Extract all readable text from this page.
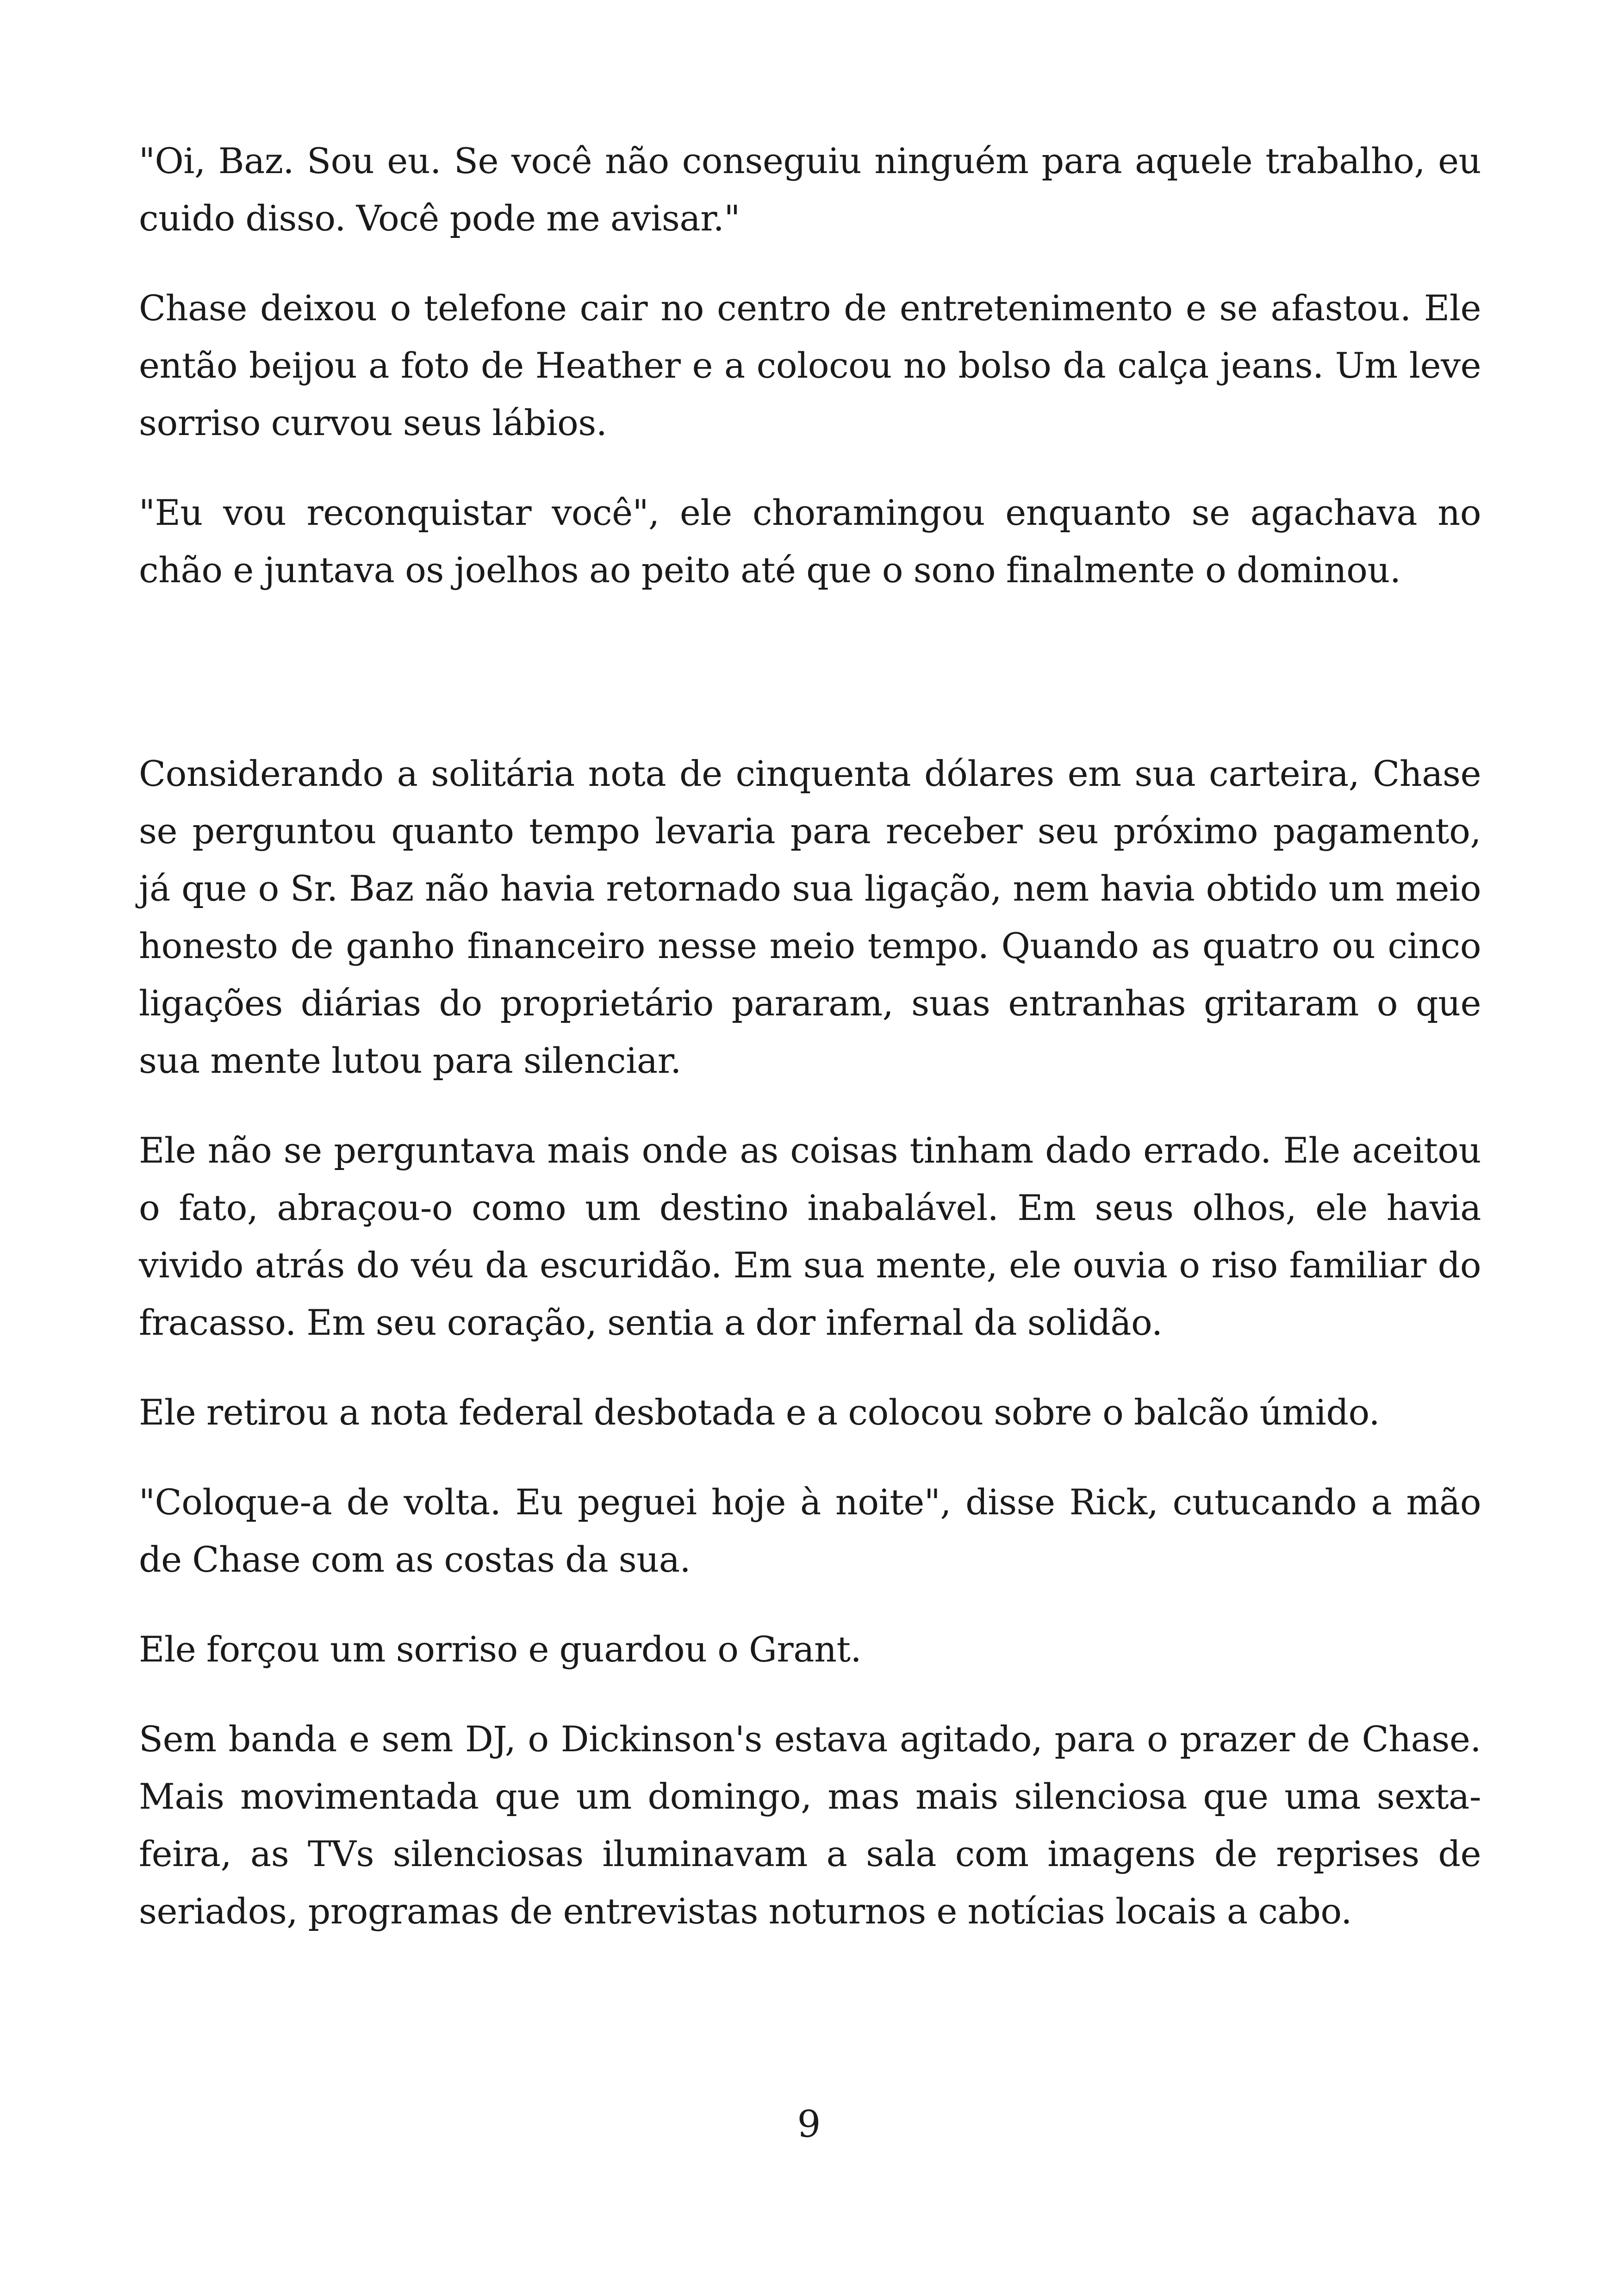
"Oi, Baz. Sou eu. Se você não conseguiu ninguém para aquele trabalho, eu cuido disso. Você pode me avisar."

Chase deixou o telefone cair no centro de entretenimento e se afastou. Ele então beijou a foto de Heather e a colocou no bolso da calça jeans. Um leve sorriso curvou seus lábios.

"Eu vou reconquistar você", ele choramingou enquanto se agachava no chão e juntava os joelhos ao peito até que o sono finalmente o dominou.

Considerando a solitária nota de cinquenta dólares em sua carteira, Chase se perguntou quanto tempo levaria para receber seu próximo pagamento, já que o Sr. Baz não havia retornado sua ligação, nem havia obtido um meio honesto de ganho financeiro nesse meio tempo. Quando as quatro ou cinco ligações diárias do proprietário pararam, suas entranhas gritaram o que sua mente lutou para silenciar.

Ele não se perguntava mais onde as coisas tinham dado errado. Ele aceitou o fato, abraçou-o como um destino inabalável. Em seus olhos, ele havia vivido atrás do véu da escuridão. Em sua mente, ele ouvia o riso familiar do fracasso. Em seu coração, sentia a dor infernal da solidão.

Ele retirou a nota federal desbotada e a colocou sobre o balcão úmido.

"Coloque-a de volta. Eu peguei hoje à noite", disse Rick, cutucando a mão de Chase com as costas da sua.

Ele forçou um sorriso e guardou o Grant.

Sem banda e sem DJ, o Dickinson's estava agitado, para o prazer de Chase. Mais movimentada que um domingo, mas mais silenciosa que uma sexta-feira, as TVs silenciosas iluminavam a sala com imagens de reprises de seriados, programas de entrevistas noturnos e notícias locais a cabo.

9
